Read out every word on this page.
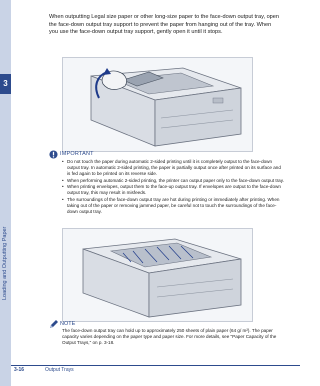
3
Loading and Outputting Paper

When outputting Legal size paper or other long-size paper to the face-down output tray, open the face-down output tray support to prevent the paper from hanging out of the tray. When you use the face-down output tray support, gently open it until it stops.

IMPORTANT
• Do not touch the paper during automatic 2-sided printing until it is completely output to the face-down output tray. In automatic 2-sided printing, the paper is partially output once after printed on its surface and is fed again to be printed on its reverse side.
• When performing automatic 2-sided printing, the printer can output paper only to the face-down output tray.
• When printing envelopes, output them to the face-up output tray. If envelopes are output to the face-down output tray, this may result in misfeeds.
• The surroundings of the face-down output tray are hot during printing or immediately after printing. When taking out of the paper or removing jammed paper, be careful not to touch the surroundings of the face-down output tray.
NOTE

The face-down output tray can hold up to approximately 250 sheets of plain paper (64 g/ m²). The paper capacity varies depending on the paper type and paper size. For more details, see "Paper Capacity of the Output Trays," on p. 3-18.

3-16	Output Trays
